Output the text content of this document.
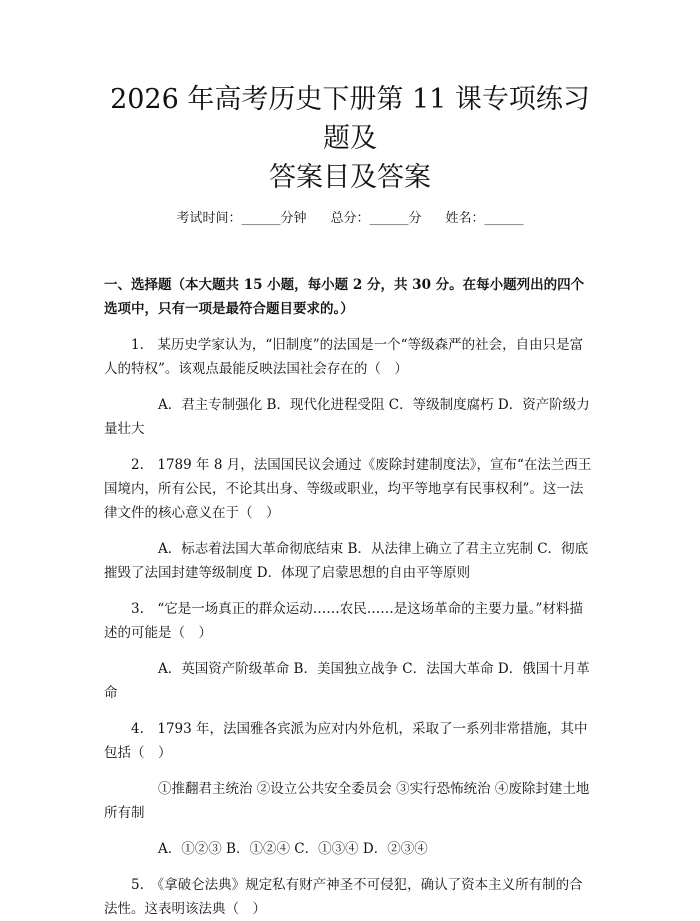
2026 年高考历史下册第 11 课专项练习题及
答案目及答案
考试时间：______分钟 总分：______分 姓名：______
一、选择题（本大题共 15 小题，每小题 2 分，共 30 分。在每小题列出的四个选项中，只有一项是最符合题目要求的。）
1.　某历史学家认为，“旧制度”的法国是一个“等级森严的社会，自由只是富人的特权”。该观点最能反映法国社会存在的（　）
A．君主专制强化 B．现代化进程受阻 C．等级制度腐朽 D．资产阶级力量壮大
2.　1789 年 8 月，法国国民议会通过《废除封建制度法》，宣布“在法兰西王国境内，所有公民，不论其出身、等级或职业，均平等地享有民事权利”。这一法律文件的核心意义在于（　）
A．标志着法国大革命彻底结束 B．从法律上确立了君主立宪制 C．彻底摧毁了法国封建等级制度 D．体现了启蒙思想的自由平等原则
3.　“它是一场真正的群众运动……农民……是这场革命的主要力量。”材料描述的可能是（　）
A．英国资产阶级革命 B．美国独立战争 C．法国大革命 D．俄国十月革命
4.　1793 年，法国雅各宾派为应对内外危机，采取了一系列非常措施，其中包括（　）
①推翻君主统治 ②设立公共安全委员会 ③实行恐怖统治 ④废除封建土地所有制
A．①②③ B．①②④ C．①③④ D．②③④
5.　《拿破仑法典》规定私有财产神圣不可侵犯，确认了资本主义所有制的合法性。这表明该法典（　）
